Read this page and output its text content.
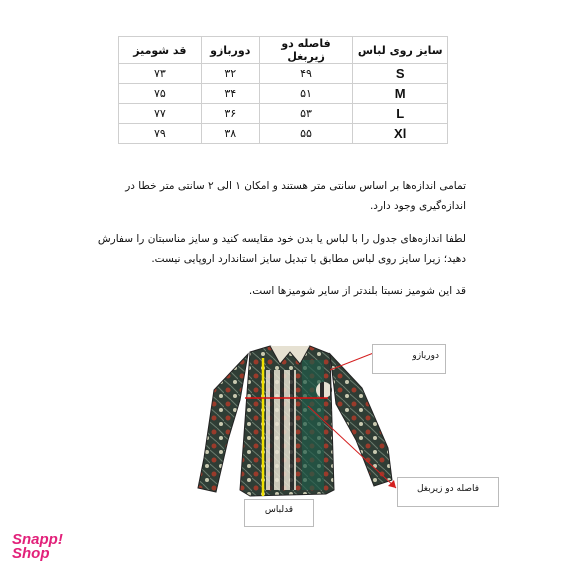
سایز روی لباس	فاصله دو زیربغل	دوربازو	قد شومیز
S	۴۹	۳۲	۷۳
M	۵۱	۳۴	۷۵
L	۵۳	۳۶	۷۷
Xl	۵۵	۳۸	۷۹

تمامی اندازه‌ها بر اساس سانتی متر هستند و امکان ۱ الی ۲ سانتی متر خطا در اندازه‌گیری وجود دارد.

لطفا اندازه‌های جدول را با لباس یا بدن خود مقایسه کنید و سایز مناسبتان را سفارش دهید؛ زیرا سایز روی لباس مطابق با تبدیل سایز استاندارد اروپایی نیست.

قد این شومیز نسبتا بلندتر از سایر شومیزها است.

دوربازو
فاصله دو زیربغل
قدلباس
Snapp!
Shop
